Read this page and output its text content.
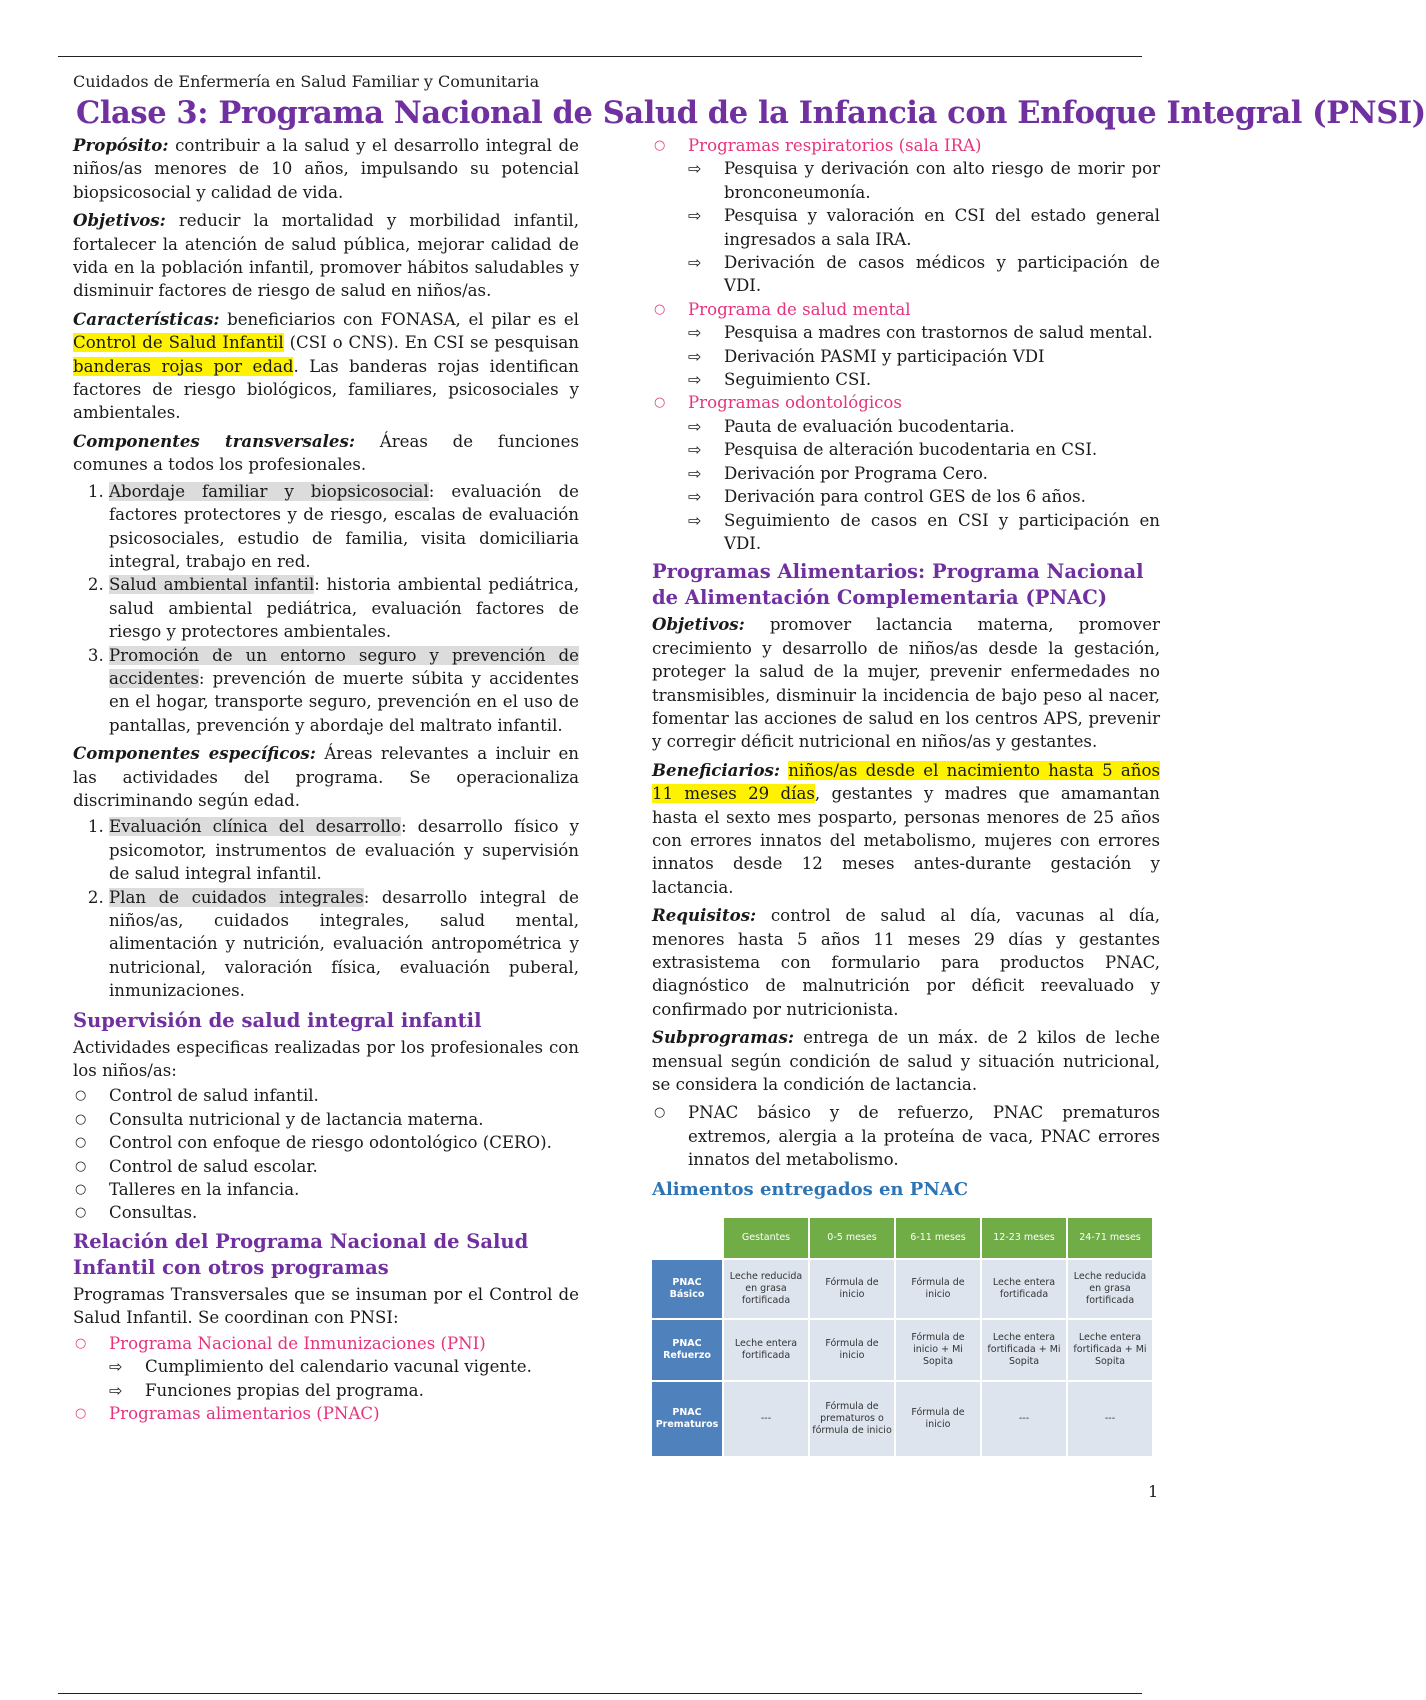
Cuidados de Enfermería en Salud Familiar y Comunitaria
Clase 3: Programa Nacional de Salud de la Infancia con Enfoque Integral (PNSI)

Propósito: contribuir a la salud y el desarrollo integral de niños/as menores de 10 años, impulsando su potencial biopsicosocial y calidad de vida.

Objetivos: reducir la mortalidad y morbilidad infantil, fortalecer la atención de salud pública, mejorar calidad de vida en la población infantil, promover hábitos saludables y disminuir factores de riesgo de salud en niños/as.

Características: beneficiarios con FONASA, el pilar es el Control de Salud Infantil (CSI o CNS). En CSI se pesquisan banderas rojas por edad. Las banderas rojas identifican factores de riesgo biológicos, familiares, psicosociales y ambientales.

Componentes transversales: Áreas de funciones comunes a todos los profesionales.

1. Abordaje familiar y biopsicosocial: evaluación de factores protectores y de riesgo, escalas de evaluación psicosociales, estudio de familia, visita domiciliaria integral, trabajo en red.
2. Salud ambiental infantil: historia ambiental pediátrica, salud ambiental pediátrica, evaluación factores de riesgo y protectores ambientales.
3. Promoción de un entorno seguro y prevención de accidentes: prevención de muerte súbita y accidentes en el hogar, transporte seguro, prevención en el uso de pantallas, prevención y abordaje del maltrato infantil.

Componentes específicos: Áreas relevantes a incluir en las actividades del programa. Se operacionaliza discriminando según edad.

1. Evaluación clínica del desarrollo: desarrollo físico y psicomotor, instrumentos de evaluación y supervisión de salud integral infantil.
2. Plan de cuidados integrales: desarrollo integral de niños/as, cuidados integrales, salud mental, alimentación y nutrición, evaluación antropométrica y nutricional, valoración física, evaluación puberal, inmunizaciones.
Supervisión de salud integral infantil

Actividades especificas realizadas por los profesionales con los niños/as:

○ Control de salud infantil.
○ Consulta nutricional y de lactancia materna.
○ Control con enfoque de riesgo odontológico (CERO).
○ Control de salud escolar.
○ Talleres en la infancia.
○ Consultas.
Relación del Programa Nacional de Salud Infantil con otros programas

Programas Transversales que se insuman por el Control de Salud Infantil. Se coordinan con PNSI:

○ Programa Nacional de Inmunizaciones (PNI)
⇨ Cumplimiento del calendario vacunal vigente.
⇨ Funciones propias del programa.
○ Programas alimentarios (PNAC)
○ Programas respiratorios (sala IRA)
⇨ Pesquisa y derivación con alto riesgo de morir por bronconeumonía.
⇨ Pesquisa y valoración en CSI del estado general ingresados a sala IRA.
⇨ Derivación de casos médicos y participación de VDI.
○ Programa de salud mental
⇨ Pesquisa a madres con trastornos de salud mental.
⇨ Derivación PASMI y participación VDI
⇨ Seguimiento CSI.
○ Programas odontológicos
⇨ Pauta de evaluación bucodentaria.
⇨ Pesquisa de alteración bucodentaria en CSI.
⇨ Derivación por Programa Cero.
⇨ Derivación para control GES de los 6 años.
⇨ Seguimiento de casos en CSI y participación en VDI.
Programas Alimentarios: Programa Nacional de Alimentación Complementaria (PNAC)

Objetivos: promover lactancia materna, promover crecimiento y desarrollo de niños/as desde la gestación, proteger la salud de la mujer, prevenir enfermedades no transmisibles, disminuir la incidencia de bajo peso al nacer, fomentar las acciones de salud en los centros APS, prevenir y corregir déficit nutricional en niños/as y gestantes.

Beneficiarios: niños/as desde el nacimiento hasta 5 años 11 meses 29 días, gestantes y madres que amamantan hasta el sexto mes posparto, personas menores de 25 años con errores innatos del metabolismo, mujeres con errores innatos desde 12 meses antes-durante gestación y lactancia.

Requisitos: control de salud al día, vacunas al día, menores hasta 5 años 11 meses 29 días y gestantes extrasistema con formulario para productos PNAC, diagnóstico de malnutrición por déficit reevaluado y confirmado por nutricionista.

Subprogramas: entrega de un máx. de 2 kilos de leche mensual según condición de salud y situación nutricional, se considera la condición de lactancia.

○ PNAC básico y de refuerzo, PNAC prematuros extremos, alergia a la proteína de vaca, PNAC errores innatos del metabolismo.
Alimentos entregados en PNAC
	Gestantes	0-5 meses	6-11 meses	12-23 meses	24-71 meses
PNAC Básico	Leche reducida en grasa fortificada	Fórmula de inicio	Fórmula de inicio	Leche entera fortificada	Leche reducida en grasa fortificada
PNAC Refuerzo	Leche entera fortificada	Fórmula de inicio	Fórmula de inicio + Mi Sopita	Leche entera fortificada + Mi Sopita	Leche entera fortificada + Mi Sopita
PNAC Prematuros	---	Fórmula de prematuros o fórmula de inicio	Fórmula de inicio	---	---
1
